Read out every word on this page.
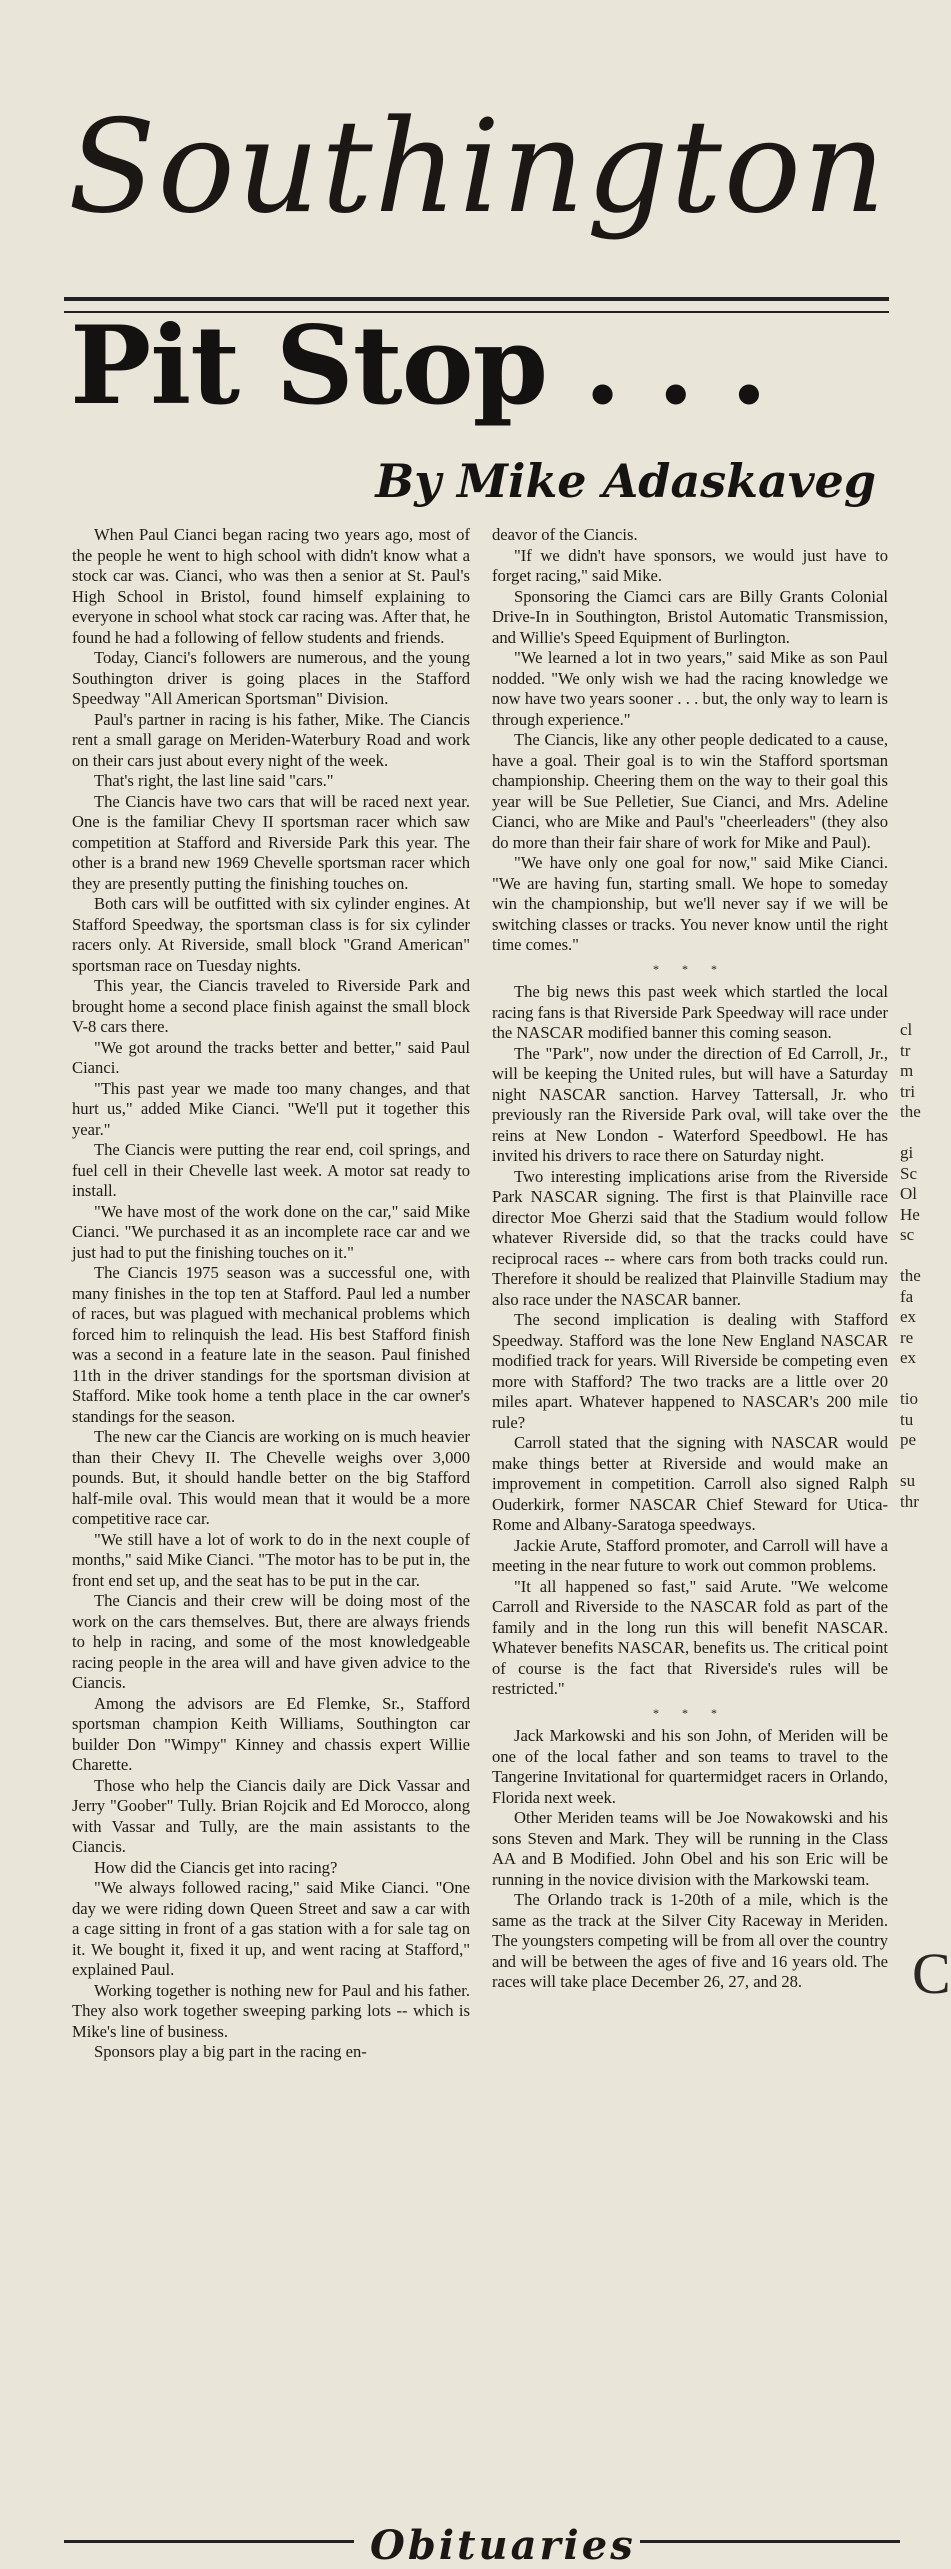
Southington
Pit Stop . . .
By Mike Adaskaveg

When Paul Cianci began racing two years ago, most of the people he went to high school with didn't know what a stock car was. Cianci, who was then a senior at St. Paul's High School in Bristol, found himself explaining to everyone in school what stock car racing was. After that, he found he had a following of fellow students and friends.

Today, Cianci's followers are numerous, and the young Southington driver is going places in the Stafford Speedway "All American Sportsman" Division.

Paul's partner in racing is his father, Mike. The Ciancis rent a small garage on Meriden-Waterbury Road and work on their cars just about every night of the week.

That's right, the last line said "cars."

The Ciancis have two cars that will be raced next year. One is the familiar Chevy II sportsman racer which saw competition at Stafford and Riverside Park this year. The other is a brand new 1969 Chevelle sportsman racer which they are presently putting the finishing touches on.

Both cars will be outfitted with six cylinder engines. At Stafford Speedway, the sportsman class is for six cylinder racers only. At Riverside, small block "Grand American" sportsman race on Tuesday nights.

This year, the Ciancis traveled to Riverside Park and brought home a second place finish against the small block V-8 cars there.

"We got around the tracks better and better," said Paul Cianci.

"This past year we made too many changes, and that hurt us," added Mike Cianci. "We'll put it together this year."

The Ciancis were putting the rear end, coil springs, and fuel cell in their Chevelle last week. A motor sat ready to install.

"We have most of the work done on the car," said Mike Cianci. "We purchased it as an incomplete race car and we just had to put the finishing touches on it."

The Ciancis 1975 season was a successful one, with many finishes in the top ten at Stafford. Paul led a number of races, but was plagued with mechanical problems which forced him to relinquish the lead. His best Stafford finish was a second in a feature late in the season. Paul finished 11th in the driver standings for the sportsman division at Stafford. Mike took home a tenth place in the car owner's standings for the season.

The new car the Ciancis are working on is much heavier than their Chevy II. The Chevelle weighs over 3,000 pounds. But, it should handle better on the big Stafford half-mile oval. This would mean that it would be a more competitive race car.

"We still have a lot of work to do in the next couple of months," said Mike Cianci. "The motor has to be put in, the front end set up, and the seat has to be put in the car.

The Ciancis and their crew will be doing most of the work on the cars themselves. But, there are always friends to help in racing, and some of the most knowledgeable racing people in the area will and have given advice to the Ciancis.

Among the advisors are Ed Flemke, Sr., Stafford sportsman champion Keith Williams, Southington car builder Don "Wimpy" Kinney and chassis expert Willie Charette.

Those who help the Ciancis daily are Dick Vassar and Jerry "Goober" Tully. Brian Rojcik and Ed Morocco, along with Vassar and Tully, are the main assistants to the Ciancis.

How did the Ciancis get into racing?

"We always followed racing," said Mike Cianci. "One day we were riding down Queen Street and saw a car with a cage sitting in front of a gas station with a for sale tag on it. We bought it, fixed it up, and went racing at Stafford," explained Paul.

Working together is nothing new for Paul and his father. They also work together sweeping parking lots -- which is Mike's line of business.

Sponsors play a big part in the racing en-

deavor of the Ciancis.

"If we didn't have sponsors, we would just have to forget racing," said Mike.

Sponsoring the Ciamci cars are Billy Grants Colonial Drive-In in Southington, Bristol Automatic Transmission, and Willie's Speed Equipment of Burlington.

"We learned a lot in two years," said Mike as son Paul nodded. "We only wish we had the racing knowledge we now have two years sooner . . . but, the only way to learn is through experience."

The Ciancis, like any other people dedicated to a cause, have a goal. Their goal is to win the Stafford sportsman championship. Cheering them on the way to their goal this year will be Sue Pelletier, Sue Cianci, and Mrs. Adeline Cianci, who are Mike and Paul's "cheerleaders" (they also do more than their fair share of work for Mike and Paul).

"We have only one goal for now," said Mike Cianci. "We are having fun, starting small. We hope to someday win the championship, but we'll never say if we will be switching classes or tracks. You never know until the right time comes."

* * *

The big news this past week which startled the local racing fans is that Riverside Park Speedway will race under the NASCAR modified banner this coming season.

The "Park", now under the direction of Ed Carroll, Jr., will be keeping the United rules, but will have a Saturday night NASCAR sanction. Harvey Tattersall, Jr. who previously ran the Riverside Park oval, will take over the reins at New London - Waterford Speedbowl. He has invited his drivers to race there on Saturday night.

Two interesting implications arise from the Riverside Park NASCAR signing. The first is that Plainville race director Moe Gherzi said that the Stadium would follow whatever Riverside did, so that the tracks could have reciprocal races -- where cars from both tracks could run. Therefore it should be realized that Plainville Stadium may also race under the NASCAR banner.

The second implication is dealing with Stafford Speedway. Stafford was the lone New England NASCAR modified track for years. Will Riverside be competing even more with Stafford? The two tracks are a little over 20 miles apart. Whatever happened to NASCAR's 200 mile rule?

Carroll stated that the signing with NASCAR would make things better at Riverside and would make an improvement in competition. Carroll also signed Ralph Ouderkirk, former NASCAR Chief Steward for Utica-Rome and Albany-Saratoga speedways.

Jackie Arute, Stafford promoter, and Carroll will have a meeting in the near future to work out common problems.

"It all happened so fast," said Arute. "We welcome Carroll and Riverside to the NASCAR fold as part of the family and in the long run this will benefit NASCAR. Whatever benefits NASCAR, benefits us. The critical point of course is the fact that Riverside's rules will be restricted."

* * *

Jack Markowski and his son John, of Meriden will be one of the local father and son teams to travel to the Tangerine Invitational for quartermidget racers in Orlando, Florida next week.

Other Meriden teams will be Joe Nowakowski and his sons Steven and Mark. They will be running in the Class AA and B Modified. John Obel and his son Eric will be running in the novice division with the Markowski team.

The Orlando track is 1-20th of a mile, which is the same as the track at the Silver City Raceway in Meriden. The youngsters competing will be from all over the country and will be between the ages of five and 16 years old. The races will take place December 26, 27, and 28.

cl
tr
m
tri
the

gi
Sc
Ol
He
sc

the
fa
ex
re
ex

tio
tu
pe

su
thr
C
Obituaries
